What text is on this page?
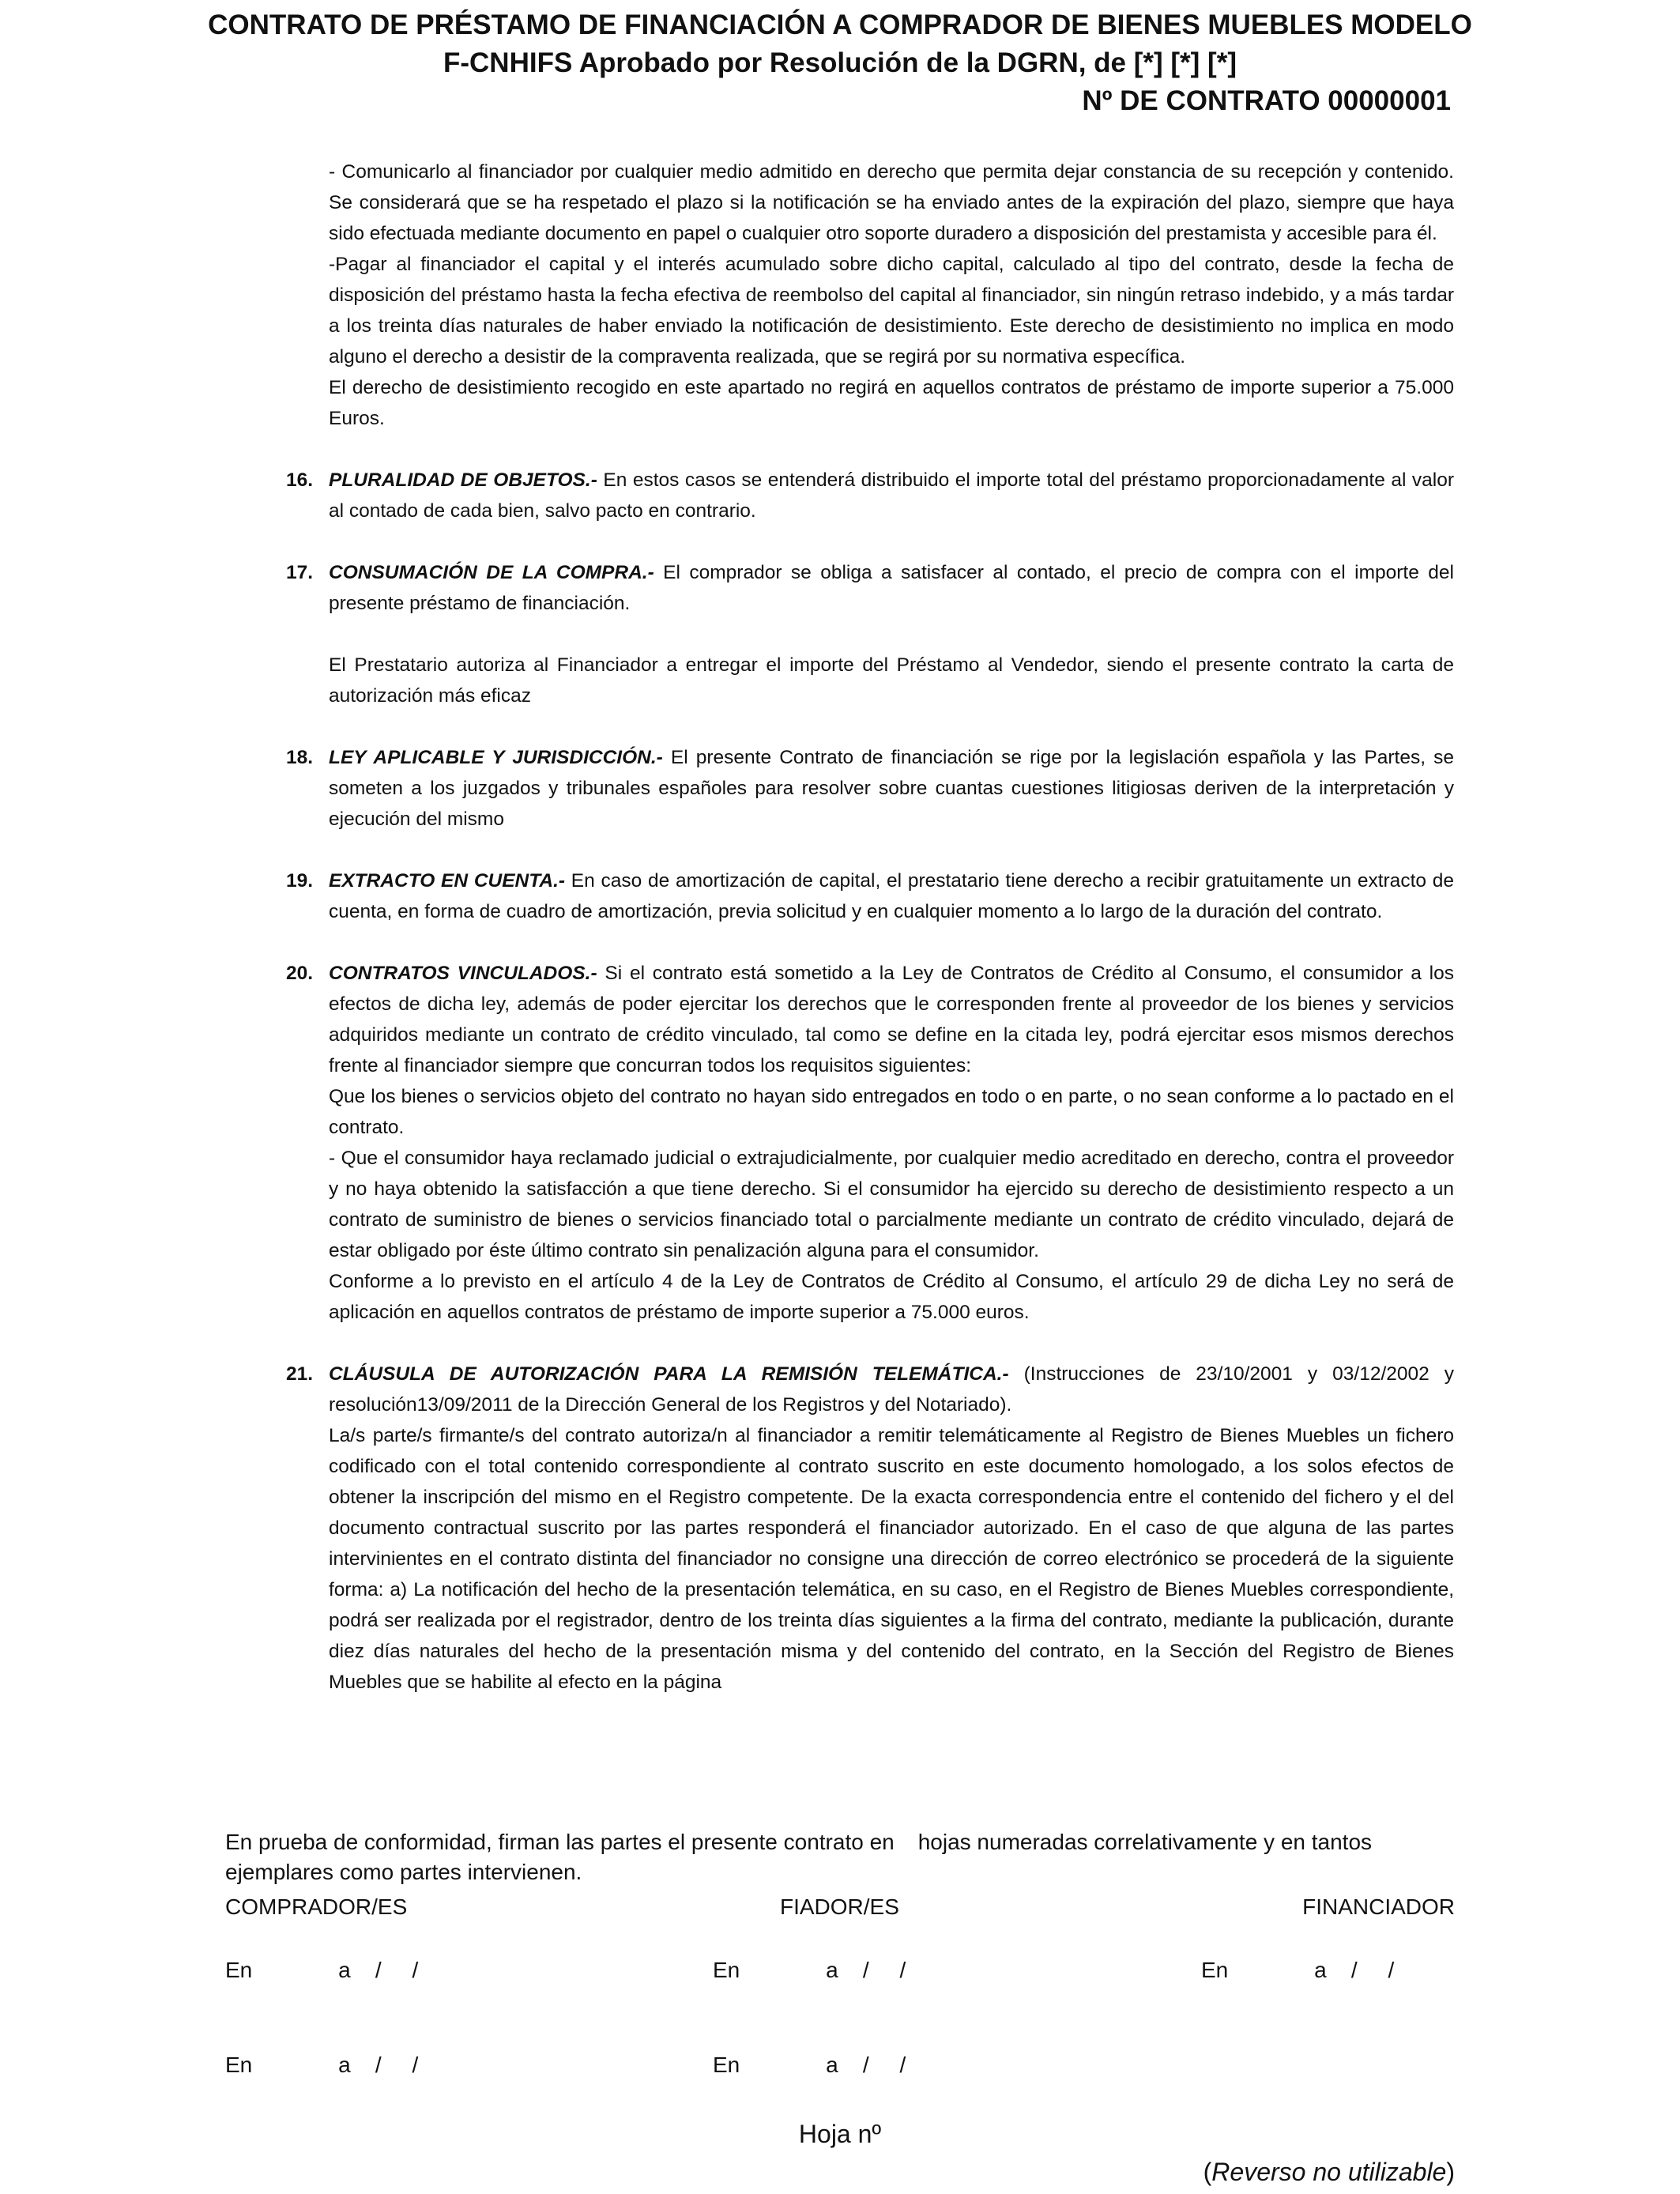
CONTRATO DE PRÉSTAMO DE FINANCIACIÓN A COMPRADOR DE BIENES MUEBLES MODELO
F-CNHIFS Aprobado por Resolución de la DGRN, de [*] [*] [*]
Nº DE CONTRATO 00000001

- Comunicarlo al financiador por cualquier medio admitido en derecho que permita dejar constancia de su recepción y contenido. Se considerará que se ha respetado el plazo si la notificación se ha enviado antes de la expiración del plazo, siempre que haya sido efectuada mediante documento en papel o cualquier otro soporte duradero a disposición del prestamista y accesible para él.

-Pagar al financiador el capital y el interés acumulado sobre dicho capital, calculado al tipo del contrato, desde la fecha de disposición del préstamo hasta la fecha efectiva de reembolso del capital al financiador, sin ningún retraso indebido, y a más tardar a los treinta días naturales de haber enviado la notificación de desistimiento. Este derecho de desistimiento no implica en modo alguno el derecho a desistir de la compraventa realizada, que se regirá por su normativa específica.

El derecho de desistimiento recogido en este apartado no regirá en aquellos contratos de préstamo de importe superior a 75.000 Euros.

16. PLURALIDAD DE OBJETOS.- En estos casos se entenderá distribuido el importe total del préstamo proporcionadamente al valor al contado de cada bien, salvo pacto en contrario.

17. CONSUMACIÓN DE LA COMPRA.- El comprador se obliga a satisfacer al contado, el precio de compra con el importe del presente préstamo de financiación.

El Prestatario autoriza al Financiador a entregar el importe del Préstamo al Vendedor, siendo el presente contrato la carta de autorización más eficaz

18. LEY APLICABLE Y JURISDICCIÓN.- El presente Contrato de financiación se rige por la legislación española y las Partes, se someten a los juzgados y tribunales españoles para resolver sobre cuantas cuestiones litigiosas deriven de la interpretación y ejecución del mismo

19. EXTRACTO EN CUENTA.- En caso de amortización de capital, el prestatario tiene derecho a recibir gratuitamente un extracto de cuenta, en forma de cuadro de amortización, previa solicitud y en cualquier momento a lo largo de la duración del contrato.

20. CONTRATOS VINCULADOS.- Si el contrato está sometido a la Ley de Contratos de Crédito al Consumo, el consumidor a los efectos de dicha ley, además de poder ejercitar los derechos que le corresponden frente al proveedor de los bienes y servicios adquiridos mediante un contrato de crédito vinculado, tal como se define en la citada ley, podrá ejercitar esos mismos derechos frente al financiador siempre que concurran todos los requisitos siguientes:

Que los bienes o servicios objeto del contrato no hayan sido entregados en todo o en parte, o no sean conforme a lo pactado en el contrato.

- Que el consumidor haya reclamado judicial o extrajudicialmente, por cualquier medio acreditado en derecho, contra el proveedor y no haya obtenido la satisfacción a que tiene derecho. Si el consumidor ha ejercido su derecho de desistimiento respecto a un contrato de suministro de bienes o servicios financiado total o parcialmente mediante un contrato de crédito vinculado, dejará de estar obligado por éste último contrato sin penalización alguna para el consumidor.

Conforme a lo previsto en el artículo 4 de la Ley de Contratos de Crédito al Consumo, el artículo 29 de dicha Ley no será de aplicación en aquellos contratos de préstamo de importe superior a 75.000 euros.

21. CLÁUSULA DE AUTORIZACIÓN PARA LA REMISIÓN TELEMÁTICA.- (Instrucciones de 23/10/2001 y 03/12/2002 y resolución13/09/2011 de la Dirección General de los Registros y del Notariado).

La/s parte/s firmante/s del contrato autoriza/n al financiador a remitir telemáticamente al Registro de Bienes Muebles un fichero codificado con el total contenido correspondiente al contrato suscrito en este documento homologado, a los solos efectos de obtener la inscripción del mismo en el Registro competente. De la exacta correspondencia entre el contenido del fichero y el del documento contractual suscrito por las partes responderá el financiador autorizado. En el caso de que alguna de las partes intervinientes en el contrato distinta del financiador no consigne una dirección de correo electrónico se procederá de la siguiente forma: a) La notificación del hecho de la presentación telemática, en su caso, en el Registro de Bienes Muebles correspondiente, podrá ser realizada por el registrador, dentro de los treinta días siguientes a la firma del contrato, mediante la publicación, durante diez días naturales del hecho de la presentación misma y del contenido del contrato, en la Sección del Registro de Bienes Muebles que se habilite al efecto en la página

En prueba de conformidad, firman las partes el presente contrato en hojas numeradas correlativamente y en tantos ejemplares como partes intervienen.
COMPRADOR/ES	FIADOR/ES	FINANCIADOR
En              a    /     /	En              a    /     /	En              a    /     /
En              a    /     /	En              a    /     /
Hoja nº
(Reverso no utilizable)
